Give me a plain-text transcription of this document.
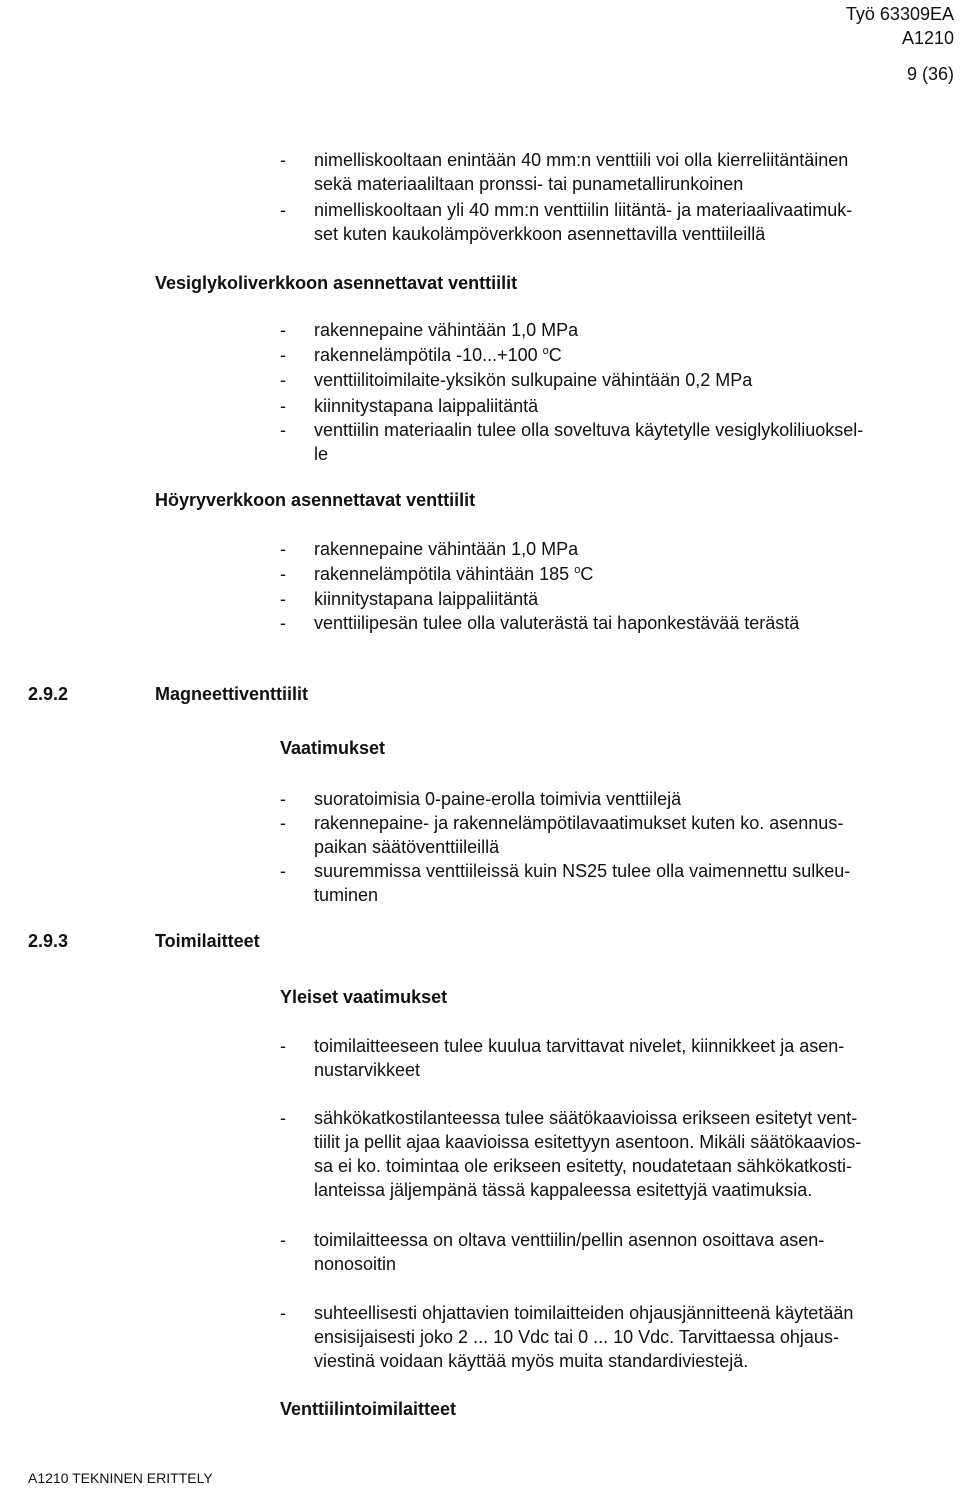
Työ 63309EA
A1210
9 (36)
- nimelliskooltaan enintään 40 mm:n venttiili voi olla kierreliitäntäinen
sekä materiaaliltaan pronssi- tai punametallirunkoinen
- nimelliskooltaan yli 40 mm:n venttiilin liitäntä- ja materiaalivaatimuk-
set kuten kaukolämpöverkkoon asennettavilla venttiileillä
Vesiglykoliverkkoon asennettavat venttiilit
- rakennepaine vähintään 1,0 MPa
- rakennelämpötila -10...+100 $^o$C
- venttiilitoimilaite-yksikön sulkupaine vähintään 0,2 MPa
- kiinnitystapana laippaliitäntä
- venttiilin materiaalin tulee olla soveltuva käytetylle vesiglykoliliuoksel-
le
Höyryverkkoon asennettavat venttiilit
- rakennepaine vähintään 1,0 MPa
- rakennelämpötila vähintään 185 $^o$C
- kiinnitystapana laippaliitäntä
- venttiilipesän tulee olla valuterästä tai haponkestävää terästä
2.9.2	Magneettiventtiilit
Vaatimukset
- suoratoimisia 0-paine-erolla toimivia venttiilejä
- rakennepaine- ja rakennelämpötilavaatimukset kuten ko. asennus-
paikan säätöventtiileillä
- suuremmissa venttiileissä kuin NS25 tulee olla vaimennettu sulkeu-
tuminen
2.9.3	Toimilaitteet
Yleiset vaatimukset
- toimilaitteeseen tulee kuulua tarvittavat nivelet, kiinnikkeet ja asen-
nustarvikkeet
- sähkökatkostilanteessa tulee säätökaavioissa erikseen esitetyt vent-
tiilit ja pellit ajaa kaavioissa esitettyyn asentoon. Mikäli säätökaavios-
sa ei ko. toimintaa ole erikseen esitetty, noudatetaan sähkökatkosti-
lanteissa jäljempänä tässä kappaleessa esitettyjä vaatimuksia.
- toimilaitteessa on oltava venttiilin/pellin asennon osoittava asen-
nonosoitin
- suhteellisesti ohjattavien toimilaitteiden ohjausjännitteenä käytetään
ensisijaisesti joko 2 ... 10 Vdc tai 0 ... 10 Vdc. Tarvittaessa ohjaus-
viestinä voidaan käyttää myös muita standardiviestejä.
Venttiilintoimilaitteet
A1210 TEKNINEN ERITTELY
